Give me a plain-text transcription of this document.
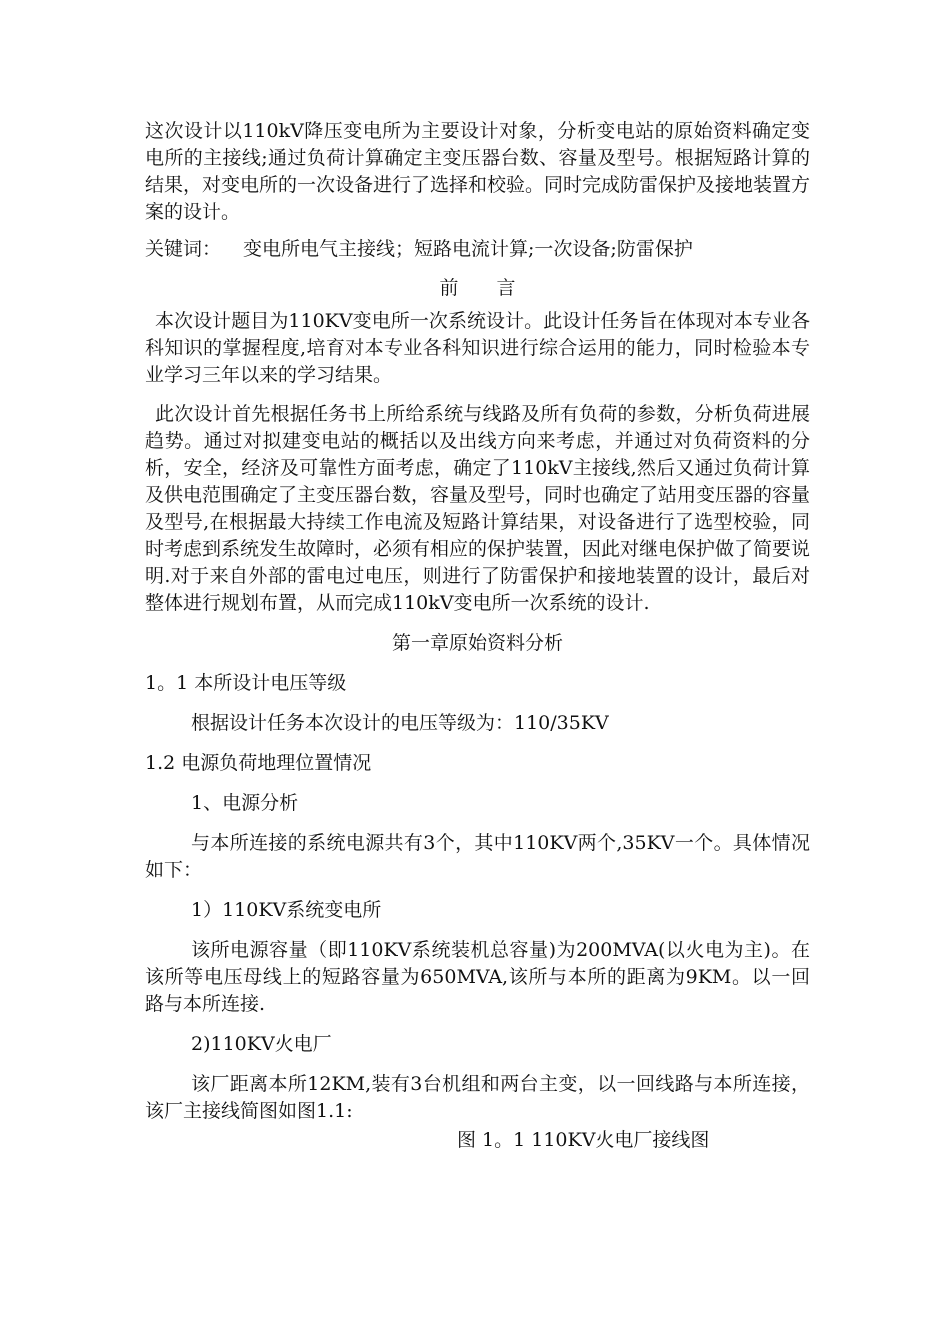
这次设计以110kV降压变电所为主要设计对象，分析变电站的原始资料确定变电所的主接线;通过负荷计算确定主变压器台数、容量及型号。根据短路计算的结果，对变电所的一次设备进行了选择和校验。同时完成防雷保护及接地装置方案的设计。

关键词： 变电所电气主接线；短路电流计算;一次设备;防雷保护

前 言

本次设计题目为110KV变电所一次系统设计。此设计任务旨在体现对本专业各科知识的掌握程度,培育对本专业各科知识进行综合运用的能力，同时检验本专业学习三年以来的学习结果。

此次设计首先根据任务书上所给系统与线路及所有负荷的参数，分析负荷进展趋势。通过对拟建变电站的概括以及出线方向来考虑，并通过对负荷资料的分析，安全，经济及可靠性方面考虑，确定了110kV主接线,然后又通过负荷计算及供电范围确定了主变压器台数，容量及型号，同时也确定了站用变压器的容量及型号,在根据最大持续工作电流及短路计算结果，对设备进行了选型校验，同时考虑到系统发生故障时，必须有相应的保护装置，因此对继电保护做了简要说明.对于来自外部的雷电过电压，则进行了防雷保护和接地装置的设计，最后对整体进行规划布置，从而完成110kV变电所一次系统的设计.

第一章原始资料分析

1。1 本所设计电压等级

根据设计任务本次设计的电压等级为：110/35KV

1.2 电源负荷地理位置情况

1、电源分析

与本所连接的系统电源共有3个，其中110KV两个,35KV一个。具体情况如下：

1）110KV系统变电所

该所电源容量（即110KV系统装机总容量)为200MVA(以火电为主)。在该所等电压母线上的短路容量为650MVA,该所与本所的距离为9KM。以一回路与本所连接.

2)110KV火电厂

该厂距离本所12KM,装有3台机组和两台主变，以一回线路与本所连接，该厂主接线简图如图1.1:

图 1。1 110KV火电厂接线图
